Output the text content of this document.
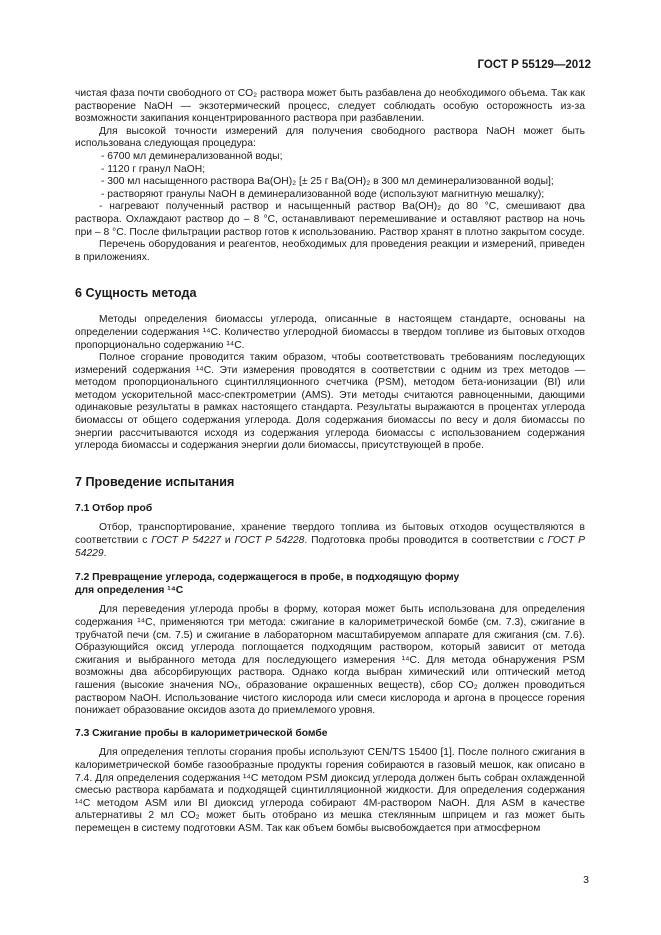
ГОСТ Р 55129—2012

чистая фаза почти свободного от CO₂ раствора может быть разбавлена до необходимого объема. Так как растворение NaOH — экзотермический процесс, следует соблюдать особую осторожность из-за возможности закипания концентрированного раствора при разбавлении.

Для высокой точности измерений для получения свободного раствора NaOH может быть использована следующая процедура:

- 6700 мл деминерализованной воды;

- 1120 г гранул NaOH;

- 300 мл насыщенного раствора Ba(OH)₂ [± 25 г Ba(OH)₂ в 300 мл деминерализованной воды];

- растворяют гранулы NaOH в деминерализованной воде (используют магнитную мешалку);

- нагревают полученный раствор и насыщенный раствор Ba(OH)₂ до 80 °C, смешивают два раствора. Охлаждают раствор до – 8 °C, останавливают перемешивание и оставляют раствор на ночь при – 8 °C. После фильтрации раствор готов к использованию. Раствор хранят в плотно закрытом сосуде.

Перечень оборудования и реагентов, необходимых для проведения реакции и измерений, приведен в приложениях.

6 Сущность метода

Методы определения биомассы углерода, описанные в настоящем стандарте, основаны на определении содержания ¹⁴C. Количество углеродной биомассы в твердом топливе из бытовых отходов пропорционально содержанию ¹⁴C.

Полное сгорание проводится таким образом, чтобы соответствовать требованиям последующих измерений содержания ¹⁴C. Эти измерения проводятся в соответствии с одним из трех методов — методом пропорционального сцинтилляционного счетчика (PSM), методом бета-ионизации (BI) или методом ускорительной масс-спектрометрии (AMS). Эти методы считаются равноценными, дающими одинаковые результаты в рамках настоящего стандарта. Результаты выражаются в процентах углерода биомассы от общего содержания углерода. Доля содержания биомассы по весу и доля биомассы по энергии рассчитываются исходя из содержания углерода биомассы с использованием содержания углерода биомассы и содержания энергии доли биомассы, присутствующей в пробе.

7 Проведение испытания
7.1 Отбор проб

Отбор, транспортирование, хранение твердого топлива из бытовых отходов осуществляются в соответствии с ГОСТ Р 54227 и ГОСТ Р 54228. Подготовка пробы проводится в соответствии с ГОСТ Р 54229.

7.2 Превращение углерода, содержащегося в пробе, в подходящую форму
для определения ¹⁴C

Для переведения углерода пробы в форму, которая может быть использована для определения содержания ¹⁴C, применяются три метода: сжигание в калориметрической бомбе (см. 7.3), сжигание в трубчатой печи (см. 7.5) и сжигание в лабораторном масштабируемом аппарате для сжигания (см. 7.6). Образующийся оксид углерода поглощается подходящим раствором, который зависит от метода сжигания и выбранного метода для последующего измерения ¹⁴C. Для метода обнаружения PSM возможны два абсорбирующих раствора. Однако когда выбран химический или оптический метод гашения (высокие значения NOₓ, образование окрашенных веществ), сбор CO₂ должен проводиться раствором NaOH. Использование чистого кислорода или смеси кислорода и аргона в процессе горения понижает образование оксидов азота до приемлемого уровня.

7.3 Сжигание пробы в калориметрической бомбе

Для определения теплоты сгорания пробы используют CEN/TS 15400 [1]. После полного сжигания в калориметрической бомбе газообразные продукты горения собираются в газовый мешок, как описано в 7.4. Для определения содержания ¹⁴C методом PSM диоксид углерода должен быть собран охлажденной смесью раствора карбамата и подходящей сцинтилляционной жидкости. Для определения содержания ¹⁴C методом ASM или BI диоксид углерода собирают 4М-раствором NaOH. Для ASM в качестве альтернативы 2 мл CO₂ может быть отобрано из мешка стеклянным шприцем и газ может быть перемещен в систему подготовки ASM. Так как объем бомбы высвобождается при атмосферном

3
